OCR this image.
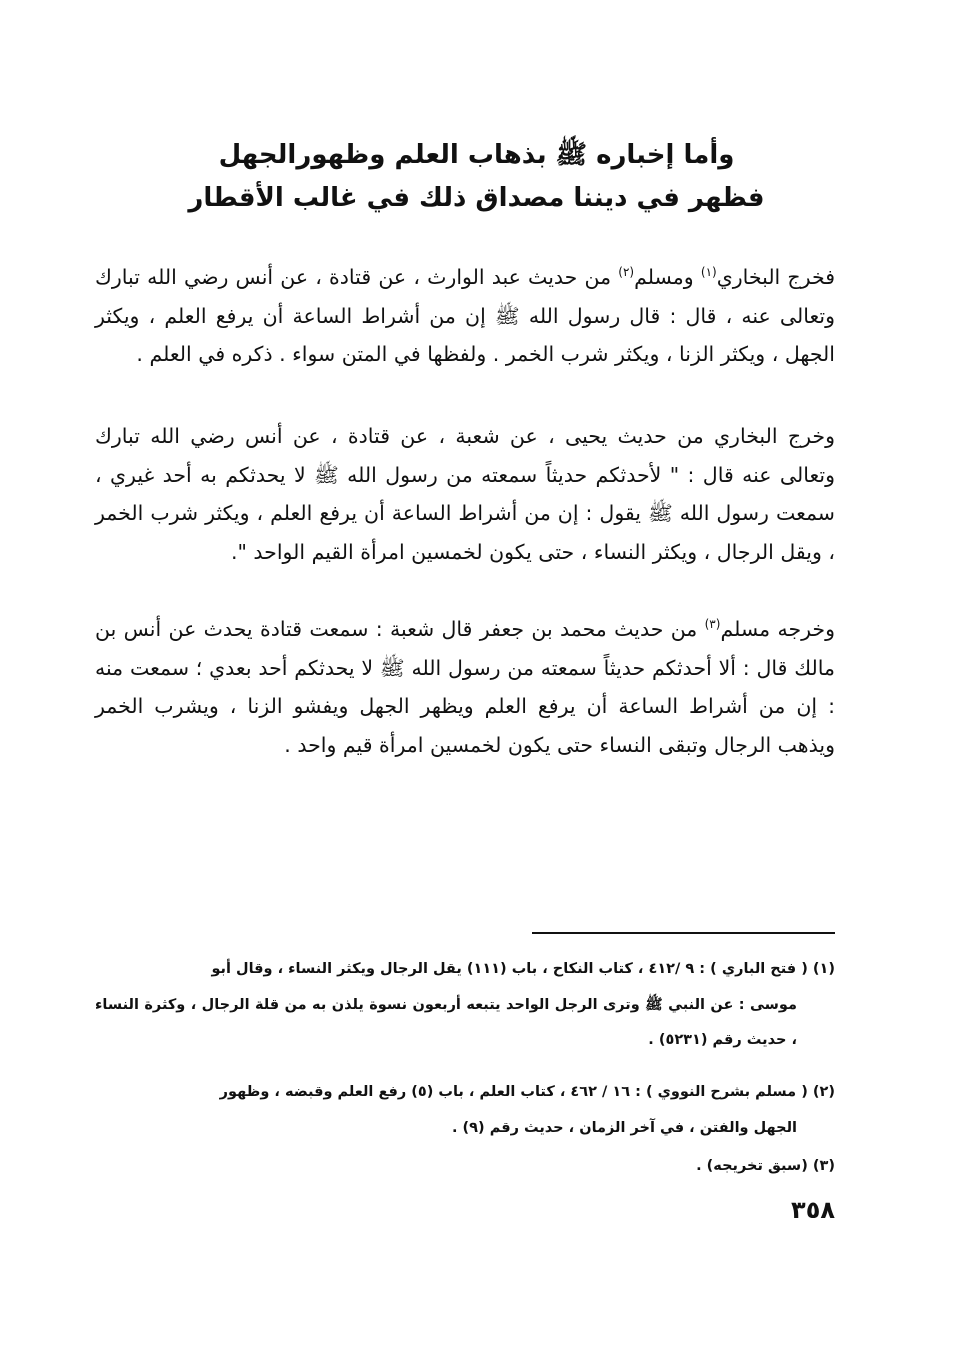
وأما إخباره ﷺ بذهاب العلم وظهورالجهل
فظهر في ديننا مصداق ذلك في غالب الأقطار

فخرج البخاري$^{(١)}$ ومسلم$^{(٢)}$ من حديث عبد الوارث ، عن قتادة ، عن أنس رضي الله تبارك وتعالى عنه ، قال : قال رسول الله ﷺ إن من أشراط الساعة أن يرفع العلم ، ويكثر الجهل ، ويكثر الزنا ، ويكثر شرب الخمر . ولفظها في المتن سواء . ذكره في العلم .

وخرج البخاري من حديث يحيى ، عن شعبة ، عن قتادة ، عن أنس رضي الله تبارك وتعالى عنه قال : " لأحدثكم حديثاً سمعته من رسول الله ﷺ لا يحدثكم به أحد غيري ، سمعت رسول الله ﷺ يقول : إن من أشراط الساعة أن يرفع العلم ، ويكثر شرب الخمر ، ويقل الرجال ، ويكثر النساء ، حتى يكون لخمسين امرأة القيم الواحد ".

وخرجه مسلم$^{(٣)}$ من حديث محمد بن جعفر قال شعبة : سمعت قتادة يحدث عن أنس بن مالك قال : ألا أحدثكم حديثاً سمعته من رسول الله ﷺ لا يحدثكم أحد بعدي ؛ سمعت منه : إن من أشراط الساعة أن يرفع العلم ويظهر الجهل ويفشو الزنا ، ويشرب الخمر ويذهب الرجال وتبقى النساء حتى يكون لخمسين امرأة قيم واحد .

(١) ( فتح الباري ) : ٩ /٤١٢ ، كتاب النكاح ، باب (١١١) يقل الرجال ويكثر النساء ، وقال أبو
موسى : عن النبي ﷺ وترى الرجل الواحد يتبعه أربعون نسوة يلذن به من قلة الرجال ، وكثرة النساء ، حديث رقم (٥٢٣١) .
(٢) ( مسلم بشرح النووي ) : ١٦ / ٤٦٢ ، كتاب العلم ، باب (٥) رفع العلم وقبضه ، وظهور
الجهل والفتن ، في آخر الزمان ، حديث رقم (٩) .
(٣) (سبق تخريجه) .
٣٥٨
